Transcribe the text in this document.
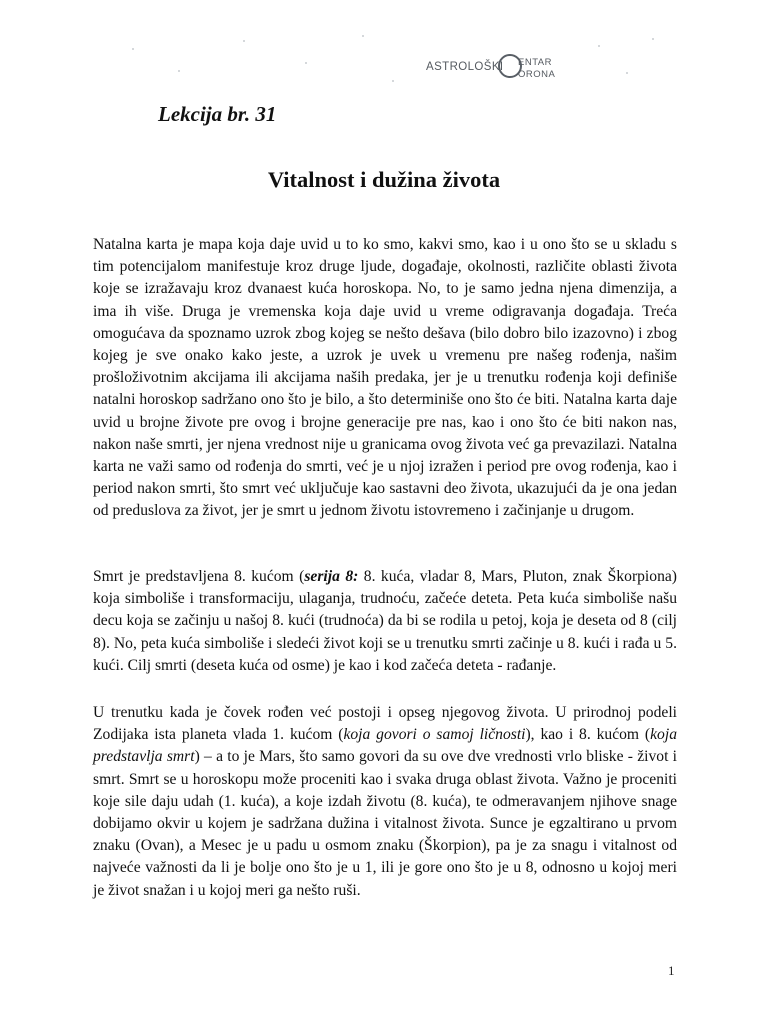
ASTROLOŠKI ENTAR
ORONA
Lekcija br. 31
Vitalnost i dužina života

Natalna karta je mapa koja daje uvid u to ko smo, kakvi smo, kao i u ono što se u skladu s tim potencijalom manifestuje kroz druge ljude, događaje, okolnosti, različite oblasti života koje se izražavaju kroz dvanaest kuća horoskopa. No, to je samo jedna njena dimenzija, a ima ih više. Druga je vremenska koja daje uvid u vreme odigravanja događaja. Treća omogućava da spoznamo uzrok zbog kojeg se nešto dešava (bilo dobro bilo izazovno) i zbog kojeg je sve onako kako jeste, a uzrok je uvek u vremenu pre našeg rođenja, našim prošloživotnim akcijama ili akcijama naših predaka, jer je u trenutku rođenja koji definiše natalni horoskop sadržano ono što je bilo, a što determiniše ono što će biti. Natalna karta daje uvid u brojne živote pre ovog i brojne generacije pre nas, kao i ono što će biti nakon nas, nakon naše smrti, jer njena vrednost nije u granicama ovog života već ga prevazilazi. Natalna karta ne važi samo od rođenja do smrti, već je u njoj izražen i period pre ovog rođenja, kao i period nakon smrti, što smrt već uključuje kao sastavni deo života, ukazujući da je ona jedan od preduslova za život, jer je smrt u jednom životu istovremeno i začinjanje u drugom.

Smrt je predstavljena 8. kućom (serija 8: 8. kuća, vladar 8, Mars, Pluton, znak Škorpiona) koja simboliše i transformaciju, ulaganja, trudnoću, začeće deteta. Peta kuća simboliše našu decu koja se začinju u našoj 8. kući (trudnoća) da bi se rodila u petoj, koja je deseta od 8 (cilj 8). No, peta kuća simboliše i sledeći život koji se u trenutku smrti začinje u 8. kući i rađa u 5. kući. Cilj smrti (deseta kuća od osme) je kao i kod začeća deteta - rađanje.

U trenutku kada je čovek rođen već postoji i opseg njegovog života. U prirodnoj podeli Zodijaka ista planeta vlada 1. kućom (koja govori o samoj ličnosti), kao i 8. kućom (koja predstavlja smrt) – a to je Mars, što samo govori da su ove dve vrednosti vrlo bliske - život i smrt. Smrt se u horoskopu može proceniti kao i svaka druga oblast života. Važno je proceniti koje sile daju udah (1. kuća), a koje izdah životu (8. kuća), te odmeravanjem njihove snage dobijamo okvir u kojem je sadržana dužina i vitalnost života. Sunce je egzaltirano u prvom znaku (Ovan), a Mesec je u padu u osmom znaku (Škorpion), pa je za snagu i vitalnost od najveće važnosti da li je bolje ono što je u 1, ili je gore ono što je u 8, odnosno u kojoj meri je život snažan i u kojoj meri ga nešto ruši.

1
